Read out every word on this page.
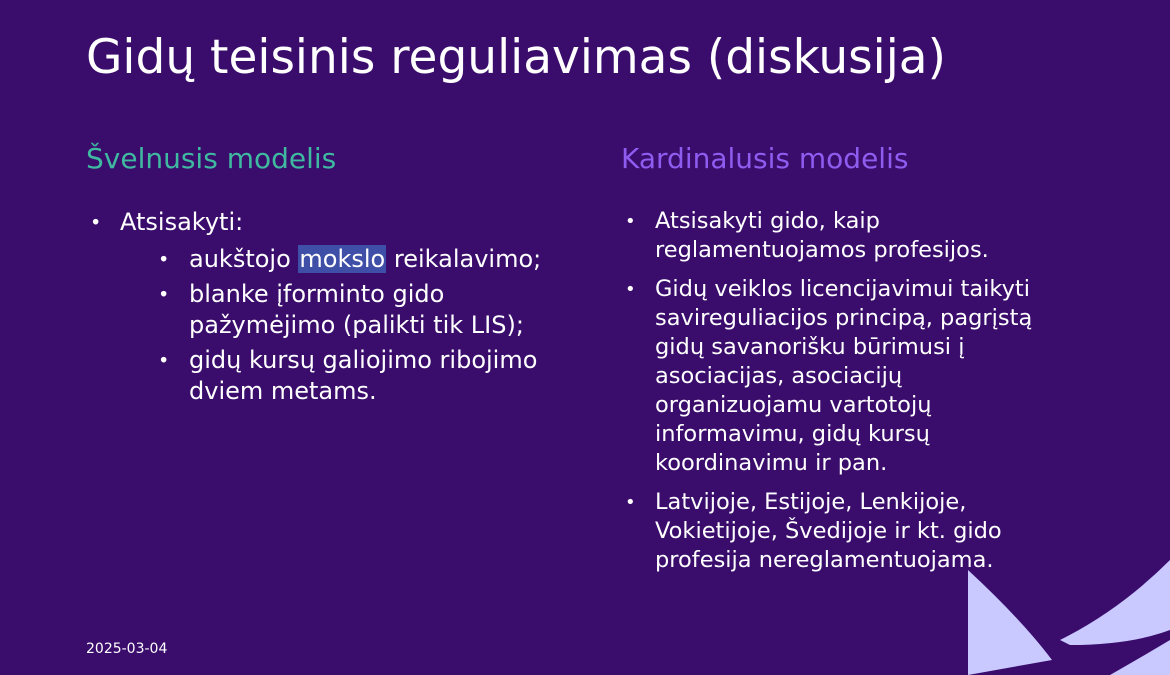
Gidų teisinis reguliavimas (diskusija)
Švelnusis modelis	Kardinalusis modelis
• Atsisakyti:
• aukštojo mokslo reikalavimo;
• blanke įforminto gido pažymėjimo (palikti tik LIS);
• gidų kursų galiojimo ribojimo dviem metams.
• Atsisakyti gido, kaip reglamentuojamos profesijos.
• Gidų veiklos licencijavimui taikyti savireguliacijos principą, pagrįstą gidų savanorišku būrimusi į asociacijas, asociacijų organizuojamu vartotojų informavimu, gidų kursų koordinavimu ir pan.
• Latvijoje, Estijoje, Lenkijoje, Vokietijoje, Švedijoje ir kt. gido profesija nereglamentuojama.
2025-03-04
